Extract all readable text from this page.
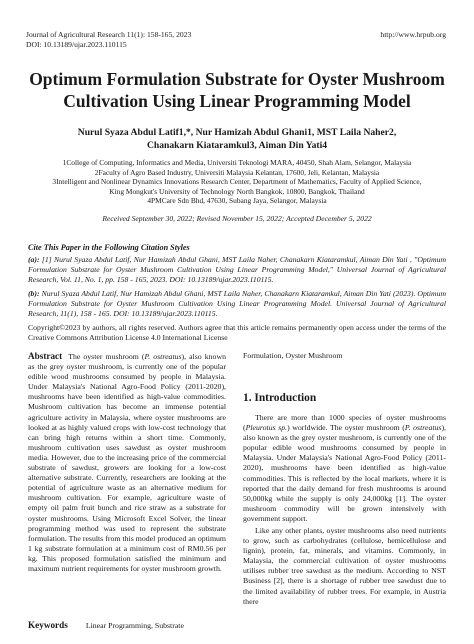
Journal of Agricultural Research 11(1): 158-165, 2023
DOI: 10.13189/ujar.2023.110115
http://www.hrpub.org
Optimum Formulation Substrate for Oyster Mushroom Cultivation Using Linear Programming Model
Nurul Syaza Abdul Latif1,*, Nur Hamizah Abdul Ghani1, MST Laila Naher2,
Chanakarn Kiataramkul3, Aiman Din Yati4
1College of Computing, Informatics and Media, Universiti Teknologi MARA, 40450, Shah Alam, Selangor, Malaysia
2Faculty of Agro Based Industry, Universiti Malaysia Kelantan, 17600, Jeli, Kelantan, Malaysia
3Intelligent and Nonlinear Dynamics Innovations Research Center, Department of Mathematics, Faculty of Applied Science,
King Mongkut's University of Technology North Bangkok, 10800, Bangkok, Thailand
4PMCare Sdn Bhd, 47630, Subang Jaya, Selangor, Malaysia
Received September 30, 2022; Revised November 15, 2022; Accepted December 5, 2022
Cite This Paper in the Following Citation Styles
(a): [1] Nurul Syaza Abdul Latif, Nur Hamizah Abdul Ghani, MST Laila Naher, Chanakarn Kiataramkul, Aiman Din Yati , "Optimum Formulation Substrate for Oyster Mushroom Cultivation Using Linear Programming Model," Universal Journal of Agricultural Research, Vol. 11, No. 1, pp. 158 - 165, 2023. DOI: 10.13189/ujar.2023.110115.
(b): Nurul Syaza Abdul Latif, Nur Hamizah Abdul Ghani, MST Laila Naher, Chanakarn Kiataramkul, Aiman Din Yati (2023). Optimum Formulation Substrate for Oyster Mushroom Cultivation Using Linear Programming Model. Universal Journal of Agricultural Research, 11(1), 158 - 165. DOI: 10.13189/ujar.2023.110115.
Copyright©2023 by authors, all rights reserved. Authors agree that this article remains permanently open access under the terms of the Creative Commons Attribution License 4.0 International License
Abstract The oyster mushroom (P. ostreatus), also known as the grey oyster mushroom, is currently one of the popular edible wood mushrooms consumed by people in Malaysia. Under Malaysia's National Agro-Food Policy (2011-2020), mushrooms have been identified as high-value commodities. Mushroom cultivation has become an immense potential agriculture activity in Malaysia, where oyster mushrooms are looked at as highly valued crops with low-cost technology that can bring high returns within a short time. Commonly, mushroom cultivation uses sawdust as oyster mushroom media. However, due to the increasing price of the commercial substrate of sawdust, growers are looking for a low-cost alternative substrate. Currently, researchers are looking at the potential of agriculture waste as an alternative medium for mushroom cultivation. For example, agriculture waste of empty oil palm fruit bunch and rice straw as a substrate for oyster mushrooms. Using Microsoft Excel Solver, the linear programming method was used to represent the substrate formulation. The results from this model produced an optimum 1 kg substrate formulation at a minimum cost of RM0.56 per kg. This proposed formulation satisfied the minimum and maximum nutrient requirements for oyster mushroom growth.
Keywords Linear Programming, Substrate
Formulation, Oyster Mushroom
1. Introduction
There are more than 1000 species of oyster mushrooms (Pleurotus sp.) worldwide. The oyster mushroom (P. ostreatus), also known as the grey oyster mushroom, is currently one of the popular edible wood mushrooms consumed by people in Malaysia. Under Malaysia's National Agro-Food Policy (2011-2020), mushrooms have been identified as high-value commodities. This is reflected by the local markets, where it is reported that the daily demand for fresh mushrooms is around 50,000kg while the supply is only 24,000kg [1]. The oyster mushroom commodity will be grown intensively with government support.
Like any other plants, oyster mushrooms also need nutrients to grow, such as carbohydrates (cellulose, hemicellulose and lignin), protein, fat, minerals, and vitamins. Commonly, in Malaysia, the commercial cultivation of oyster mushrooms utilises rubber tree sawdust as the medium. According to NST Business [2], there is a shortage of rubber tree sawdust due to the limited availability of rubber trees. For example, in Austria there
